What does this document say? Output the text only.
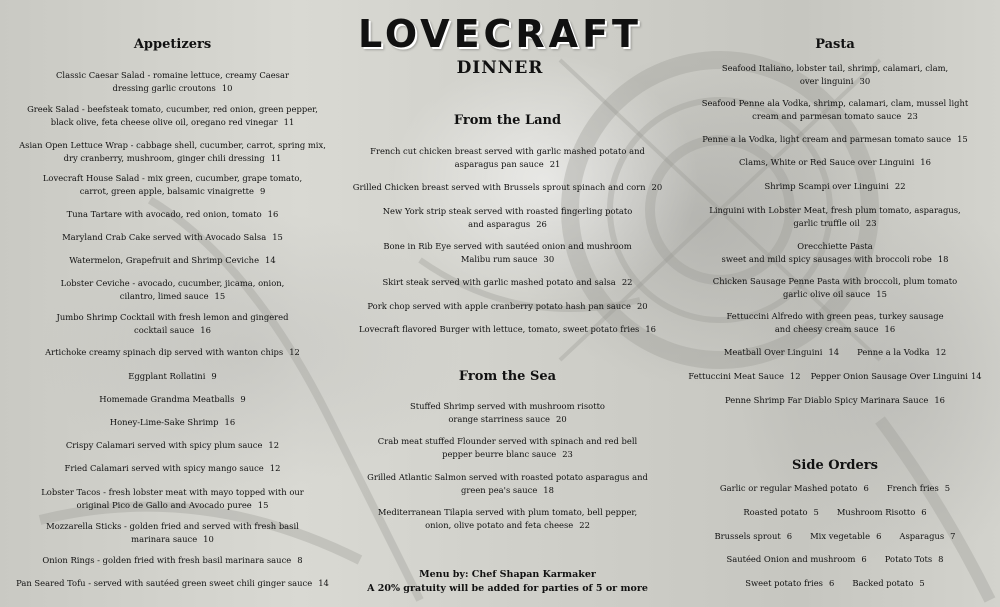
LOVECRAFT
DINNER
Appetizers
Classic Caesar Salad - romaine lettuce, creamy Caesar
dressing garlic croutons 10
Greek Salad - beefsteak tomato, cucumber, red onion, green pepper,
black olive, feta cheese olive oil, oregano red vinegar 11
Asian Open Lettuce Wrap - cabbage shell, cucumber, carrot, spring mix,
dry cranberry, mushroom, ginger chili dressing 11
Lovecraft House Salad - mix green, cucumber, grape tomato,
carrot, green apple, balsamic vinaigrette 9
Tuna Tartare with avocado, red onion, tomato 16
Maryland Crab Cake served with Avocado Salsa 15
Watermelon, Grapefruit and Shrimp Ceviche 14
Lobster Ceviche - avocado, cucumber, jicama, onion,
cilantro, limed sauce 15
Jumbo Shrimp Cocktail with fresh lemon and gingered
cocktail sauce 16
Artichoke creamy spinach dip served with wanton chips 12
Eggplant Rollatini 9
Homemade Grandma Meatballs 9
Honey-Lime-Sake Shrimp 16
Crispy Calamari served with spicy plum sauce 12
Fried Calamari served with spicy mango sauce 12
Lobster Tacos - fresh lobster meat with mayo topped with our
original Pico de Gallo and Avocado puree 15
Mozzarella Sticks - golden fried and served with fresh basil
marinara sauce 10
Onion Rings - golden fried with fresh basil marinara sauce 8
Pan Seared Tofu - served with sautéed green sweet chili ginger sauce 14
From the Land
French cut chicken breast served with garlic mashed potato and
asparagus pan sauce 21
Grilled Chicken breast served with Brussels sprout spinach and corn 20
New York strip steak served with roasted fingerling potato
and asparagus 26
Bone in Rib Eye served with sautéed onion and mushroom
Malibu rum sauce 30
Skirt steak served with garlic mashed potato and salsa 22
Pork chop served with apple cranberry potato hash pan sauce 20
Lovecraft flavored Burger with lettuce, tomato, sweet potato fries 16
From the Sea
Stuffed Shrimp served with mushroom risotto
orange starriness sauce 20
Crab meat stuffed Flounder served with spinach and red bell
pepper beurre blanc sauce 23
Grilled Atlantic Salmon served with roasted potato asparagus and
green pea's sauce 18
Mediterranean Tilapia served with plum tomato, bell pepper,
onion, olive potato and feta cheese 22
Menu by: Chef Shapan Karmaker
A 20% gratuity will be added for parties of 5 or more
Pasta
Seafood Italiano, lobster tail, shrimp, calamari, clam,
over linguini 30
Seafood Penne ala Vodka, shrimp, calamari, clam, mussel light
cream and parmesan tomato sauce 23
Penne a la Vodka, light cream and parmesan tomato sauce 15
Clams, White or Red Sauce over Linguini 16
Shrimp Scampi over Linguini 22
Linguini with Lobster Meat, fresh plum tomato, asparagus,
garlic truffle oil 23
Orecchiette Pasta
sweet and mild spicy sausages with broccoli robe 18
Chicken Sausage Penne Pasta with broccoli, plum tomato
garlic olive oil sauce 15
Fettuccini Alfredo with green peas, turkey sausage
and cheesy cream sauce 16
Meatball Over Linguini 14 Penne a la Vodka 12
Fettuccini Meat Sauce 12 Pepper Onion Sausage Over Linguini 14
Penne Shrimp Far Diablo Spicy Marinara Sauce 16
Side Orders
Garlic or regular Mashed potato 6 French fries 5
Roasted potato 5 Mushroom Risotto 6
Brussels sprout 6 Mix vegetable 6 Asparagus 7
Sautéed Onion and mushroom 6 Potato Tots 8
Sweet potato fries 6 Backed potato 5
